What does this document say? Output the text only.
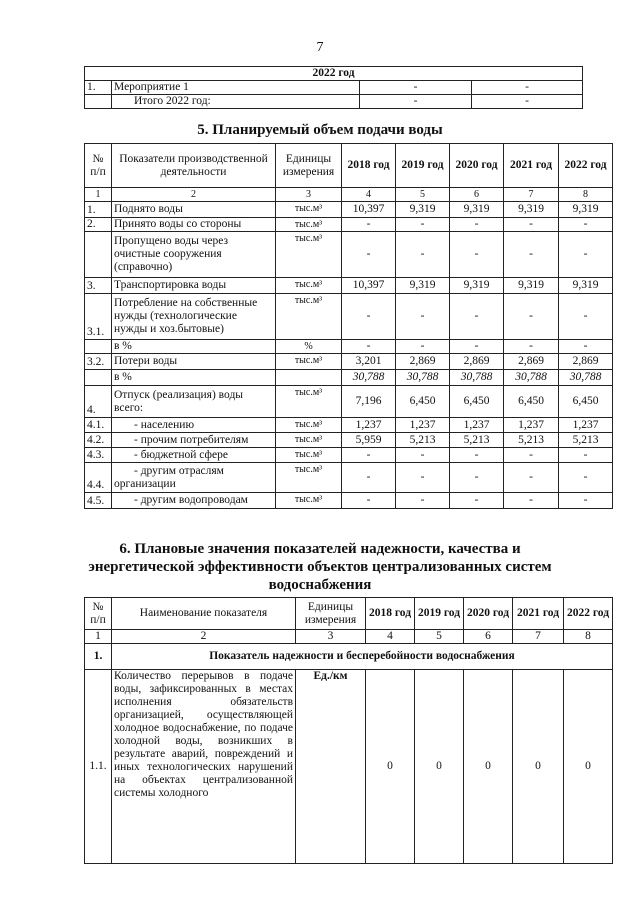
7
2022 год			
1.	Мероприятие 1	-	-
	Итого 2022 год:	-	-
5. Планируемый объем подачи воды
№ п/п	Показатели производственной деятельности	Единицы измерения	2018 год	2019 год	2020 год	2021 год	2022 год
1	2	3	4	5	6	7	8
1.	Поднято воды	тыс.м³	10,397	9,319	9,319	9,319	9,319
2.	Принято воды со стороны	тыс.м³	-	-	-	-	-
	Пропущено воды через очистные сооружения (справочно)	тыс.м³	-	-	-	-	-
3.	Транспортировка воды	тыс.м³	10,397	9,319	9,319	9,319	9,319
3.1.	Потребление на собственные нужды (технологические нужды и хоз.бытовые)	тыс.м³	-	-	-	-	-
	в %	%	-	-	-	-	-
3.2.	Потери воды	тыс.м³	3,201	2,869	2,869	2,869	2,869
	в %		30,788	30,788	30,788	30,788	30,788
4.	Отпуск (реализация) воды всего:	тыс.м³	7,196	6,450	6,450	6,450	6,450
4.1.	- населению	тыс.м³	1,237	1,237	1,237	1,237	1,237
4.2.	- прочим потребителям	тыс.м³	5,959	5,213	5,213	5,213	5,213
4.3.	- бюджетной сфере	тыс.м³	-	-	-	-	-
4.4.	- другим отраслям организации	тыс.м³	-	-	-	-	-
4.5.	- другим водопроводам	тыс.м³	-	-	-	-	-
6. Плановые значения показателей надежности, качества и энергетической эффективности объектов централизованных систем водоснабжения
№ п/п	Наименование показателя	Единицы измерения	2018 год	2019 год	2020 год	2021 год	2022 год
1	2	3	4	5	6	7	8
1.	Показатель надежности и бесперебойности водоснабжения						
1.1.	Количество перерывов в подаче воды, зафиксированных в местах исполнения обязательств организацией, осуществляющей холодное водоснабжение, по подаче холодной воды, возникших в результате аварий, повреждений и иных технологических нарушений на объектах централизованной системы холодного	Ед./км	0	0	0	0	0
